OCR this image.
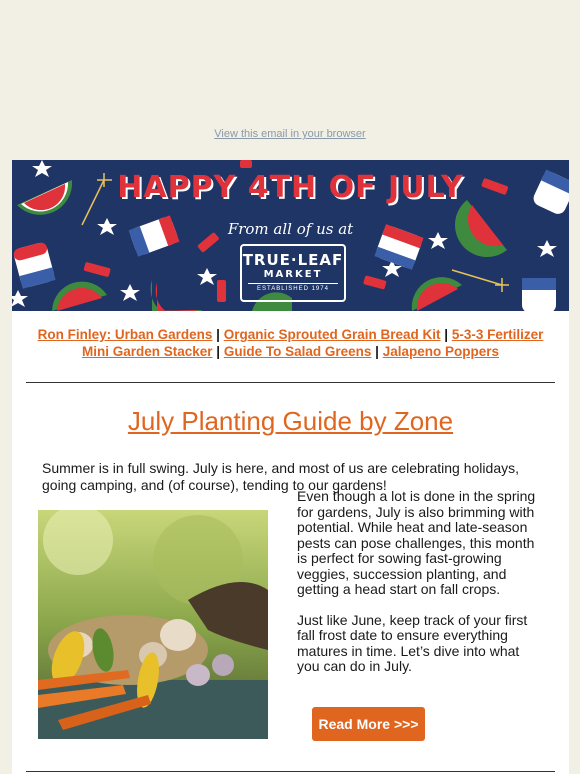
View this email in your browser
HAPPY 4TH OF JULY
From all of us at
TRUE·LEAF
MARKET
ESTABLISHED 1974
Ron Finley: Urban Gardens | Organic Sprouted Grain Bread Kit | 5-3-3 Fertilizer
Mini Garden Stacker | Guide To Salad Greens | Jalapeno Poppers
July Planting Guide by Zone
Summer is in full swing. July is here, and most of us are celebrating holidays, going camping, and (of course), tending to our gardens!

Even though a lot is done in the spring for gardens, July is also brimming with potential. While heat and late-season pests can pose challenges, this month is perfect for sowing fast-growing veggies, succession planting, and getting a head start on fall crops.

Just like June, keep track of your first fall frost date to ensure everything matures in time. Let’s dive into what you can do in July.

Read More >>>
